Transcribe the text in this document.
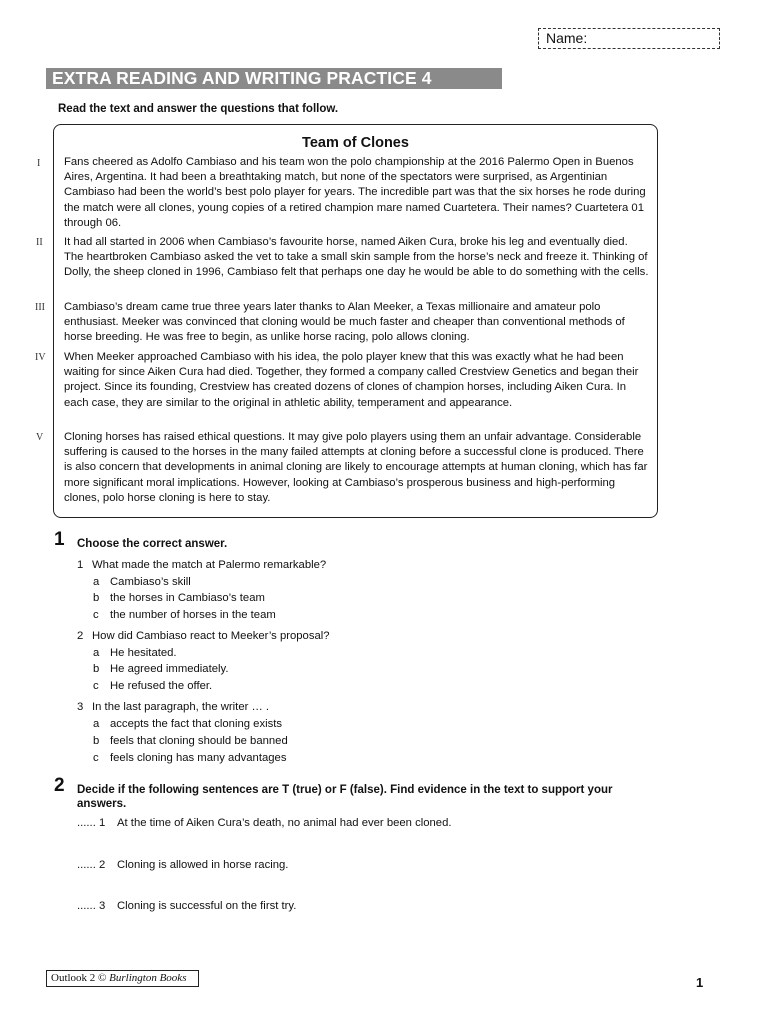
Name:
EXTRA READING AND WRITING PRACTICE 4
Read the text and answer the questions that follow.
I
II
III
IV
V
Team of Clones

Fans cheered as Adolfo Cambiaso and his team won the polo championship at the 2016 Palermo Open in Buenos Aires, Argentina. It had been a breathtaking match, but none of the spectators were surprised, as Argentinian Cambiaso had been the world’s best polo player for years. The incredible part was that the six horses he rode during the match were all clones, young copies of a retired champion mare named Cuartetera. Their names? Cuartetera 01 through 06.

It had all started in 2006 when Cambiaso’s favourite horse, named Aiken Cura, broke his leg and eventually died. The heartbroken Cambiaso asked the vet to take a small skin sample from the horse’s neck and freeze it. Thinking of Dolly, the sheep cloned in 1996, Cambiaso felt that perhaps one day he would be able to do something with the cells.

Cambiaso’s dream came true three years later thanks to Alan Meeker, a Texas millionaire and amateur polo enthusiast. Meeker was convinced that cloning would be much faster and cheaper than conventional methods of horse breeding. He was free to begin, as unlike horse racing, polo allows cloning.

When Meeker approached Cambiaso with his idea, the polo player knew that this was exactly what he had been waiting for since Aiken Cura had died. Together, they formed a company called Crestview Genetics and began their project. Since its founding, Crestview has created dozens of clones of champion horses, including Aiken Cura. In each case, they are similar to the original in athletic ability, temperament and appearance.

Cloning horses has raised ethical questions. It may give polo players using them an unfair advantage. Considerable suffering is caused to the horses in the many failed attempts at cloning before a successful clone is produced. There is also concern that developments in animal cloning are likely to encourage attempts at human cloning, which has far more significant moral implications. However, looking at Cambiaso’s prosperous business and high-performing clones, polo horse cloning is here to stay.

1 Choose the correct answer.
1 What made the match at Palermo remarkable?
a Cambiaso’s skill
b the horses in Cambiaso’s team
c the number of horses in the team
2 How did Cambiaso react to Meeker’s proposal?
a He hesitated.
b He agreed immediately.
c He refused the offer.
3 In the last paragraph, the writer … .
a accepts the fact that cloning exists
b feels that cloning should be banned
c feels cloning has many advantages
2 Decide if the following sentences are T (true) or F (false). Find evidence in the text to support your answers.
...... 1 At the time of Aiken Cura’s death, no animal had ever been cloned.
...... 2 Cloning is allowed in horse racing.
...... 3 Cloning is successful on the first try.
Outlook 2 © Burlington Books	1
